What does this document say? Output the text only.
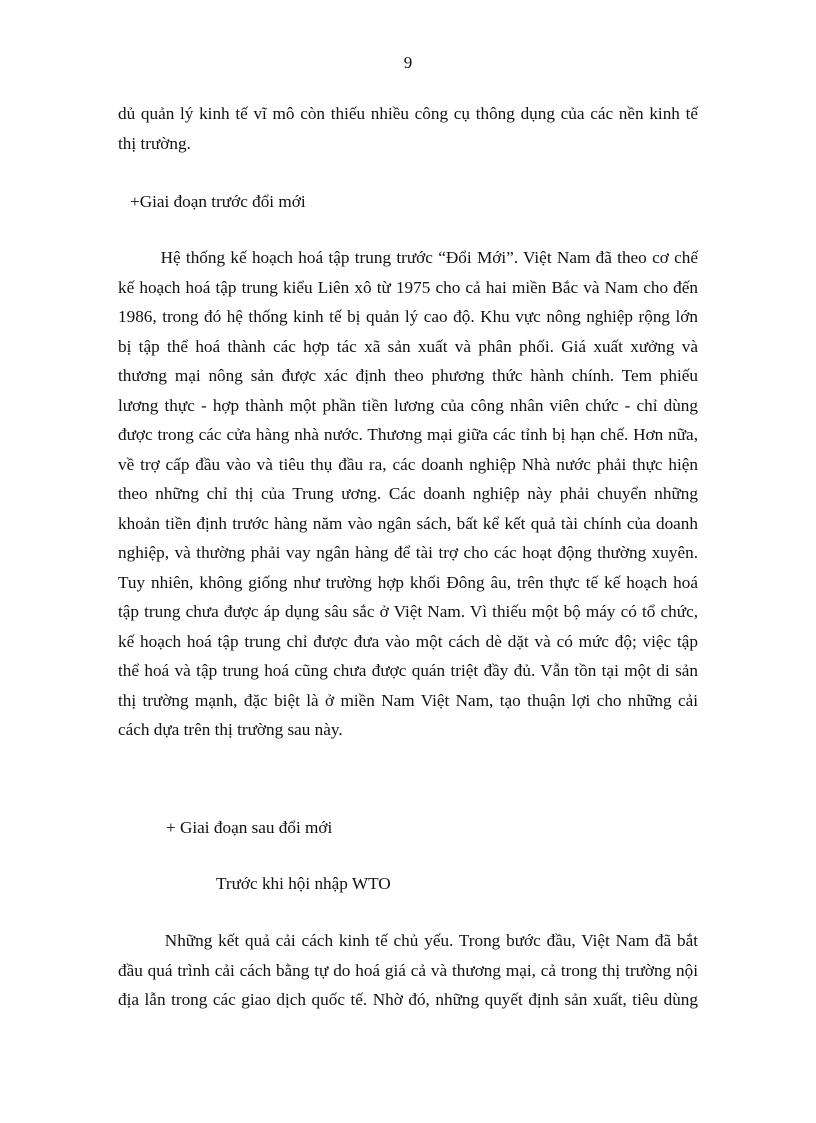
9
dủ quản lý kinh tế vĩ mô còn thiếu nhiều công cụ thông dụng của các nền kinh tế
thị trường.
+Giai đoạn trước đổi mới
Hệ thống kế hoạch hoá tập trung trước “Đổi Mới”. Việt Nam đã theo cơ chế
kế hoạch hoá tập trung kiểu Liên xô từ 1975 cho cả hai miền Bắc và Nam cho đến
1986, trong đó hệ thống kinh tế bị quản lý cao độ. Khu vực nông nghiệp rộng lớn
bị tập thể hoá thành các hợp tác xã sản xuất và phân phối. Giá xuất xưởng và
thương mại nông sản được xác định theo phương thức hành chính. Tem phiếu
lương thực - hợp thành một phần tiền lương của công nhân viên chức - chỉ dùng
được trong các cửa hàng nhà nước. Thương mại giữa các tỉnh bị hạn chế. Hơn nữa,
về trợ cấp đầu vào và tiêu thụ đầu ra, các doanh nghiệp Nhà nước phải thực hiện
theo những chỉ thị của Trung ương. Các doanh nghiệp này phải chuyển những
khoản tiền định trước hàng năm vào ngân sách, bất kể kết quả tài chính của doanh
nghiệp, và thường phải vay ngân hàng để tài trợ cho các hoạt động thường xuyên.
Tuy nhiên, không giống như trường hợp khối Đông âu, trên thực tế kế hoạch hoá
tập trung chưa được áp dụng sâu sắc ở Việt Nam. Vì thiếu một bộ máy có tổ chức,
kế hoạch hoá tập trung chỉ được đưa vào một cách dè dặt và có mức độ; việc tập
thể hoá và tập trung hoá cũng chưa được quán triệt đầy đủ. Vẫn tồn tại một di sản
thị trường mạnh, đặc biệt là ở miền Nam Việt Nam, tạo thuận lợi cho những cải
cách dựa trên thị trường sau này.
+ Giai đoạn sau đổi mới
Trước khi hội nhập WTO
Những kết quả cải cách kinh tế chủ yếu. Trong bước đầu, Việt Nam đã bắt
đầu quá trình cải cách bằng tự do hoá giá cả và thương mại, cả trong thị trường nội
địa lẫn trong các giao dịch quốc tế. Nhờ đó, những quyết định sản xuất, tiêu dùng
